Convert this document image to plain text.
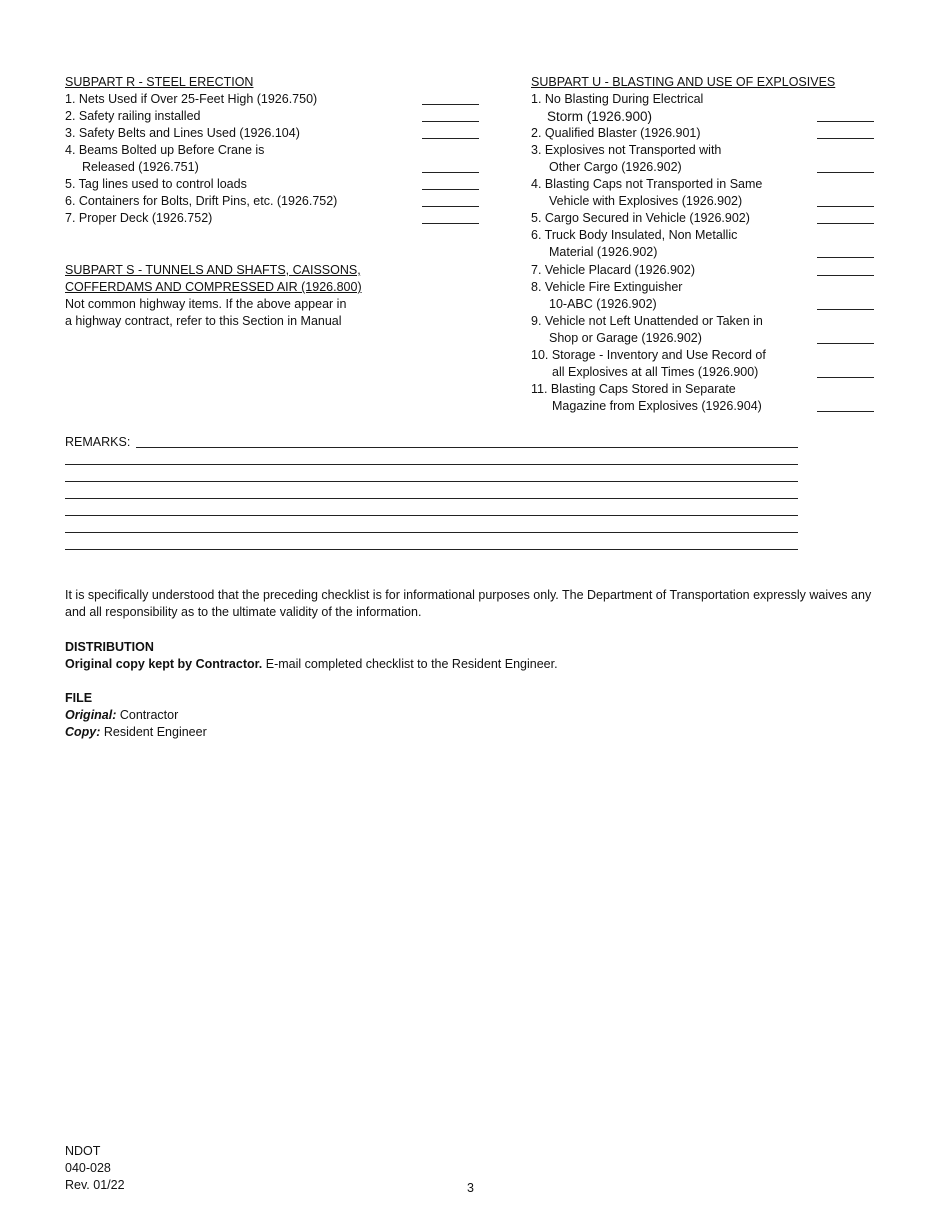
SUBPART R - STEEL ERECTION
1. Nets Used if Over 25-Feet High (1926.750)
2. Safety railing installed
3. Safety Belts and Lines Used (1926.104)
4. Beams Bolted up Before Crane is
Released (1926.751)
5. Tag lines used to control loads
6. Containers for Bolts, Drift Pins, etc. (1926.752)
7. Proper Deck (1926.752)
SUBPART S - TUNNELS AND SHAFTS, CAISSONS,
COFFERDAMS AND COMPRESSED AIR (1926.800)
Not common highway items. If the above appear in
a highway contract, refer to this Section in Manual
SUBPART U - BLASTING AND USE OF EXPLOSIVES
1. No Blasting During Electrical
Storm (1926.900)
2. Qualified Blaster (1926.901)
3. Explosives not Transported with
Other Cargo (1926.902)
4. Blasting Caps not Transported in Same
Vehicle with Explosives (1926.902)
5. Cargo Secured in Vehicle (1926.902)
6. Truck Body Insulated, Non Metallic
Material (1926.902)
7. Vehicle Placard (1926.902)
8. Vehicle Fire Extinguisher
10-ABC (1926.902)
9. Vehicle not Left Unattended or Taken in
Shop or Garage (1926.902)
10. Storage - Inventory and Use Record of
all Explosives at all Times (1926.900)
11. Blasting Caps Stored in Separate
Magazine from Explosives (1926.904)
REMARKS:
It is specifically understood that the preceding checklist is for informational purposes only. The Department of Transportation expressly waives any and all responsibility as to the ultimate validity of the information.
DISTRIBUTION
Original copy kept by Contractor. E-mail completed checklist to the Resident Engineer.
FILE
Original: Contractor
Copy: Resident Engineer
NDOT
040-028
Rev. 01/22	3
